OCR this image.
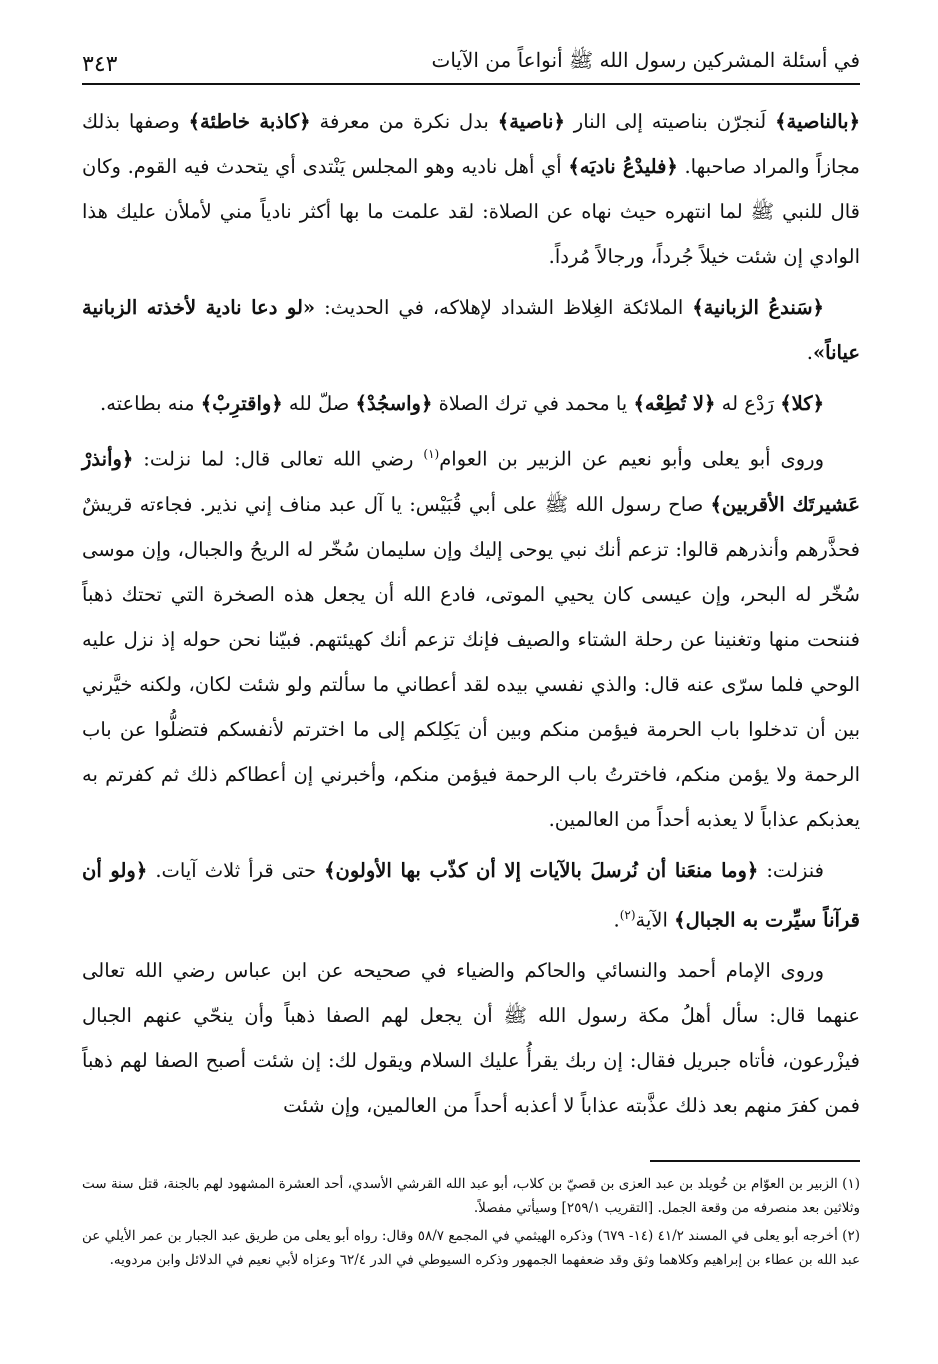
في أسئلة المشركين رسول الله ﷺ أنواعاً من الآيات
٣٤٣

﴿بالناصية﴾ لَنجرّن بناصيته إلى النار ﴿ناصية﴾ بدل نكرة من معرفة ﴿كاذبة خاطئة﴾ وصفها بذلك مجازاً والمراد صاحبها. ﴿فليدْعُ ناديَه﴾ أي أهل ناديه وهو المجلس يَنْتدى أي يتحدث فيه القوم. وكان قال للنبي ﷺ لما انتهره حيث نهاه عن الصلاة: لقد علمت ما بها أكثر نادياً مني لأملأن عليك هذا الوادي إن شئت خيلاً جُرداً، ورجالاً مُرداً.

﴿سَندعُ الزبانية﴾ الملائكة الغِلاظ الشداد لإهلاكه، في الحديث: «لو دعا نادية لأخذته الزبانية عياناً».

﴿كلا﴾ رَدْع له ﴿لا تُطِعْه﴾ يا محمد في ترك الصلاة ﴿واسجُدْ﴾ صلّ لله ﴿واقترِبْ﴾ منه بطاعته.

وروى أبو يعلى وأبو نعيم عن الزبير بن العوام$^{(١)}$ رضي الله تعالى قال: لما نزلت: ﴿وأنذرْ عَشيرتَك الأقربين﴾ صاح رسول الله ﷺ على أبي قُبَيْس: يا آل عبد مناف إني نذير. فجاءته قريشٌ فحذَّرهم وأنذرهم قالوا: تزعم أنك نبي يوحى إليك وإن سليمان سُخّر له الريحُ والجبال، وإن موسى سُخّر له البحر، وإن عيسى كان يحيي الموتى، فادع الله أن يجعل هذه الصخرة التي تحتك ذهباً فننحت منها وتغنينا عن رحلة الشتاء والصيف فإنك تزعم أنك كهيئتهم. فبيّنا نحن حوله إذ نزل عليه الوحي فلما سرّى عنه قال: والذي نفسي بيده لقد أعطاني ما سألتم ولو شئت لكان، ولكنه خيَّرني بين أن تدخلوا باب الحرمة فيؤمن منكم وبين أن يَكِلكم إلى ما اخترتم لأنفسكم فتضلُّوا عن باب الرحمة ولا يؤمن منكم، فاخترتُ باب الرحمة فيؤمن منكم، وأخبرني إن أعطاكم ذلك ثم كفرتم به يعذبكم عذاباً لا يعذبه أحداً من العالمين.

فنزلت: ﴿وما منعَنا أن نُرسلَ بالآيات إلا أن كذّب بها الأولون﴾ حتى قرأ ثلاث آيات. ﴿ولو أن قرآناً سيِّرت به الجبال﴾ الآية$^{(٢)}$.

وروى الإمام أحمد والنسائي والحاكم والضياء في صحيحه عن ابن عباس رضي الله تعالى عنهما قال: سأل أهلُ مكة رسول الله ﷺ أن يجعل لهم الصفا ذهباً وأن ينحّي عنهم الجبال فيزْرعون، فأتاه جبريل فقال: إن ربك يقرأُ عليك السلام ويقول لك: إن شئت أصبح الصفا لهم ذهباً فمن كفرَ منهم بعد ذلك عذَّبته عذاباً لا أعذبه أحداً من العالمين، وإن شئت

(١) الزبير بن العوّام بن خُويلد بن عبد العزى بن قصيّ بن كلاب، أبو عبد الله القرشي الأسدي، أحد العشرة المشهود لهم بالجنة، قتل سنة ست وثلاثين بعد منصرفه من وقعة الجمل. [التقريب ٢٥٩/١] وسيأتي مفصلاً.

(٢) أخرجه أبو يعلى في المسند ٤١/٢ (١٤- ٦٧٩) وذكره الهيثمي في المجمع ٥٨/٧ وقال: رواه أبو يعلى من طريق عبد الجبار بن عمر الأيلي عن عبد الله بن عطاء بن إبراهيم وكلاهما وثق وقد ضعفهما الجمهور وذكره السيوطي في الدر ٦٢/٤ وعزاه لأبي نعيم في الدلائل وابن مردويه.
